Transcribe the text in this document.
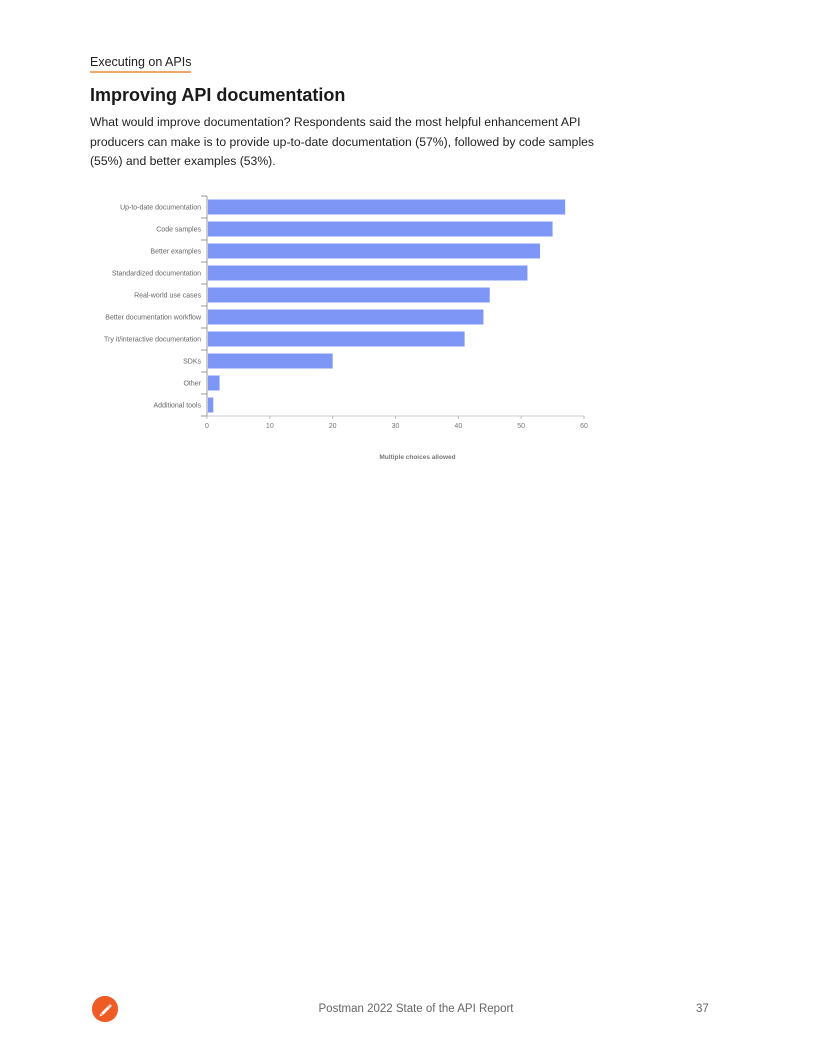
Executing on APIs
Improving API documentation

What would improve documentation? Respondents said the most helpful enhancement API producers can make is to provide up-to-date documentation (57%), followed by code samples (55%) and better examples (53%).

Up-to-date documentation
Code samples
Better examples
Standardized documentation
Real-world use cases
Better documentation workflow
Try it/interactive documentation
SDKs
Other
Additional tools
0	10	20	30	40	50	60
Multiple choices allowed
Postman 2022 State of the API Report	37
